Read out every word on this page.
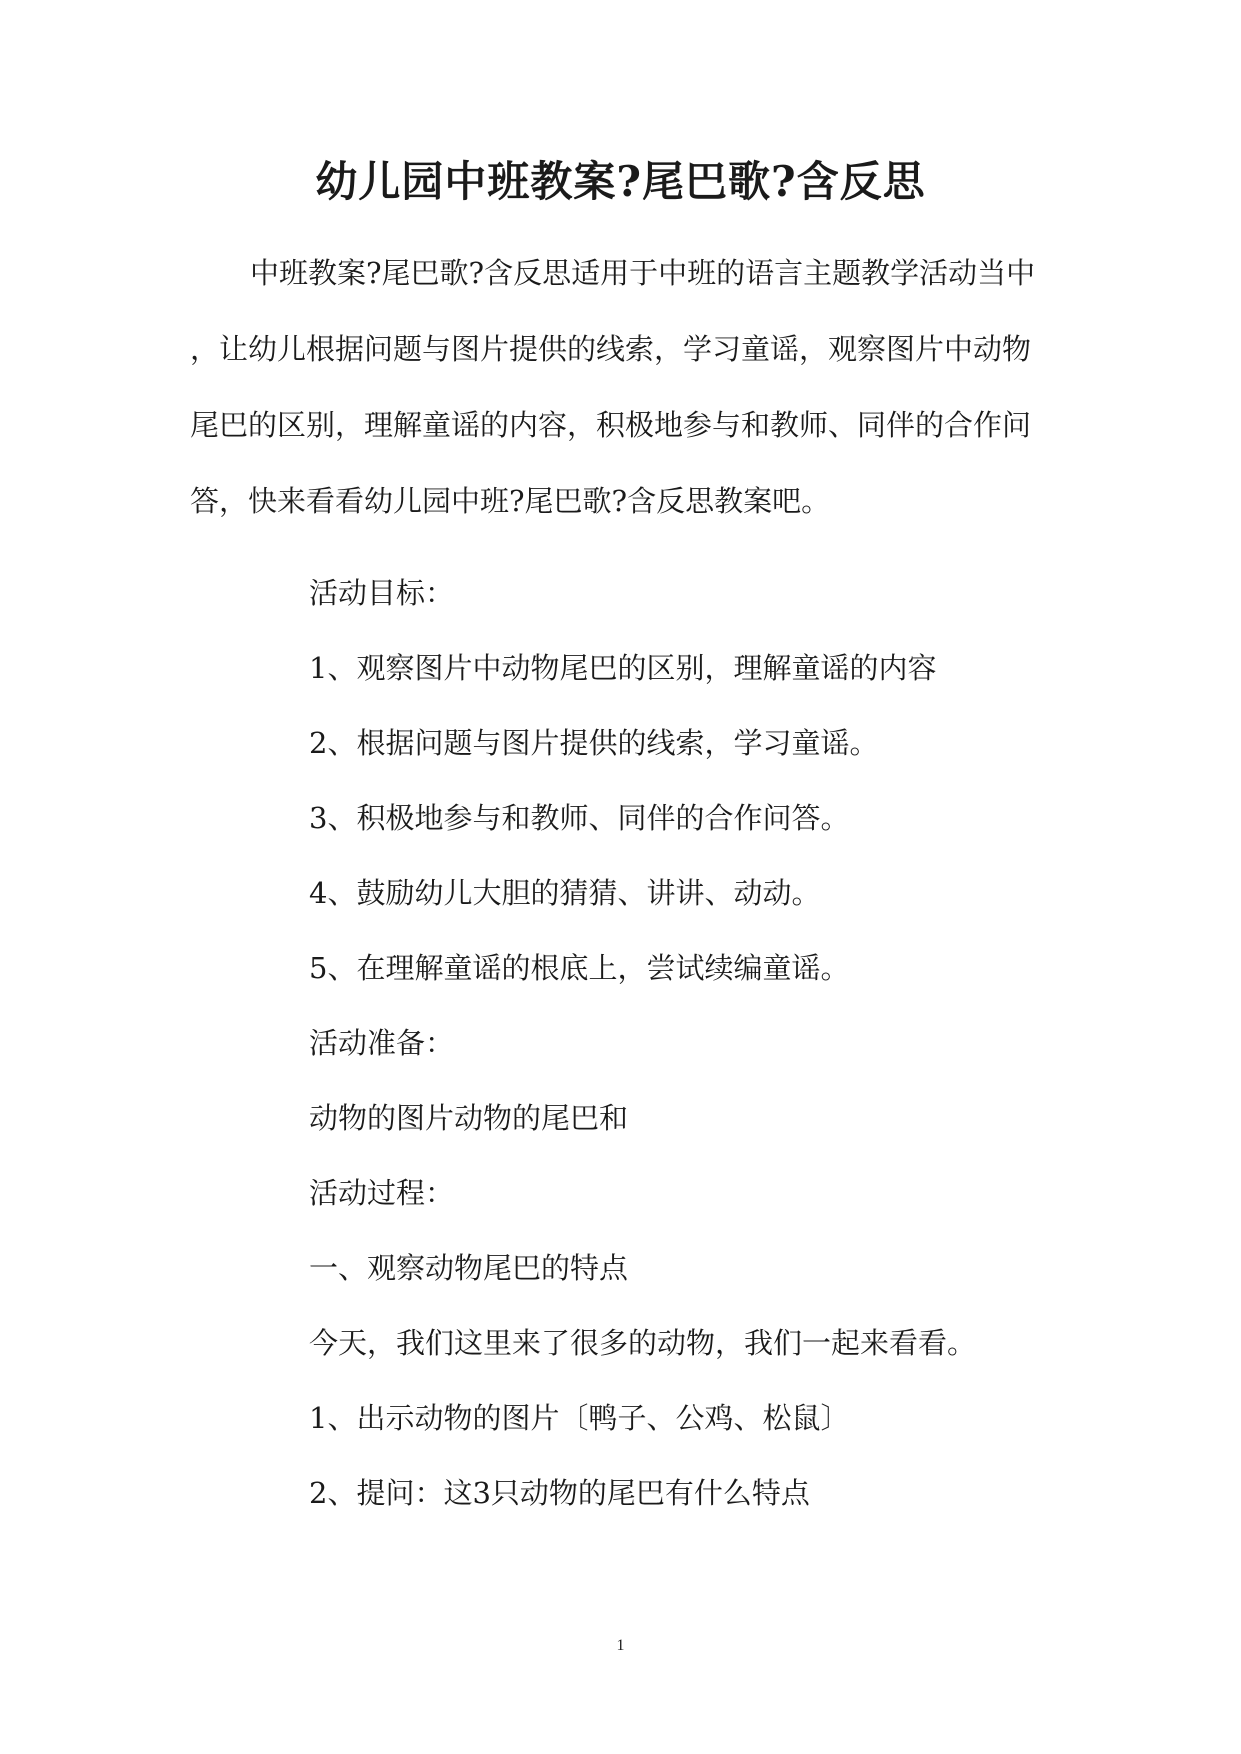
幼儿园中班教案?尾巴歌?含反思
中班教案?尾巴歌?含反思适用于中班的语言主题教学活动当中
，让幼儿根据问题与图片提供的线索，学习童谣，观察图片中动物
尾巴的区别，理解童谣的内容，积极地参与和教师、同伴的合作问
答，快来看看幼儿园中班?尾巴歌?含反思教案吧。
活动目标：
1、观察图片中动物尾巴的区别，理解童谣的内容
2、根据问题与图片提供的线索，学习童谣。
3、积极地参与和教师、同伴的合作问答。
4、鼓励幼儿大胆的猜猜、讲讲、动动。
5、在理解童谣的根底上，尝试续编童谣。
活动准备：
动物的图片动物的尾巴和
活动过程：
一、观察动物尾巴的特点
今天，我们这里来了很多的动物，我们一起来看看。
1、出示动物的图片〔鸭子、公鸡、松鼠〕
2、提问：这3只动物的尾巴有什么特点
1
